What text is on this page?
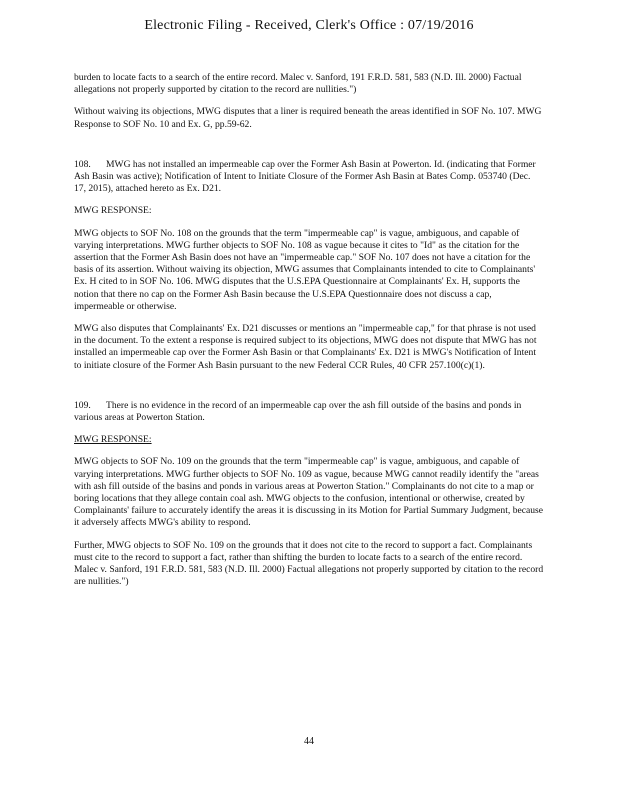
Electronic Filing - Received, Clerk's Office : 07/19/2016

burden to locate facts to a search of the entire record. Malec v. Sanford, 191 F.R.D. 581, 583 (N.D. Ill. 2000) Factual allegations not properly supported by citation to the record are nullities.")

Without waiving its objections, MWG disputes that a liner is required beneath the areas identified in SOF No. 107. MWG Response to SOF No. 10 and Ex. G, pp.59-62.

108. MWG has not installed an impermeable cap over the Former Ash Basin at Powerton. Id. (indicating that Former Ash Basin was active); Notification of Intent to Initiate Closure of the Former Ash Basin at Bates Comp. 053740 (Dec. 17, 2015), attached hereto as Ex. D21.

MWG RESPONSE:

MWG objects to SOF No. 108 on the grounds that the term "impermeable cap" is vague, ambiguous, and capable of varying interpretations. MWG further objects to SOF No. 108 as vague because it cites to "Id" as the citation for the assertion that the Former Ash Basin does not have an "impermeable cap." SOF No. 107 does not have a citation for the basis of its assertion. Without waiving its objection, MWG assumes that Complainants intended to cite to Complainants' Ex. H cited to in SOF No. 106. MWG disputes that the U.S.EPA Questionnaire at Complainants' Ex. H, supports the notion that there no cap on the Former Ash Basin because the U.S.EPA Questionnaire does not discuss a cap, impermeable or otherwise.

MWG also disputes that Complainants' Ex. D21 discusses or mentions an "impermeable cap," for that phrase is not used in the document. To the extent a response is required subject to its objections, MWG does not dispute that MWG has not installed an impermeable cap over the Former Ash Basin or that Complainants' Ex. D21 is MWG's Notification of Intent to initiate closure of the Former Ash Basin pursuant to the new Federal CCR Rules, 40 CFR 257.100(c)(1).

109. There is no evidence in the record of an impermeable cap over the ash fill outside of the basins and ponds in various areas at Powerton Station.

MWG RESPONSE:

MWG objects to SOF No. 109 on the grounds that the term "impermeable cap" is vague, ambiguous, and capable of varying interpretations. MWG further objects to SOF No. 109 as vague, because MWG cannot readily identify the "areas with ash fill outside of the basins and ponds in various areas at Powerton Station." Complainants do not cite to a map or boring locations that they allege contain coal ash. MWG objects to the confusion, intentional or otherwise, created by Complainants' failure to accurately identify the areas it is discussing in its Motion for Partial Summary Judgment, because it adversely affects MWG's ability to respond.

Further, MWG objects to SOF No. 109 on the grounds that it does not cite to the record to support a fact. Complainants must cite to the record to support a fact, rather than shifting the burden to locate facts to a search of the entire record. Malec v. Sanford, 191 F.R.D. 581, 583 (N.D. Ill. 2000) Factual allegations not properly supported by citation to the record are nullities.")

44
